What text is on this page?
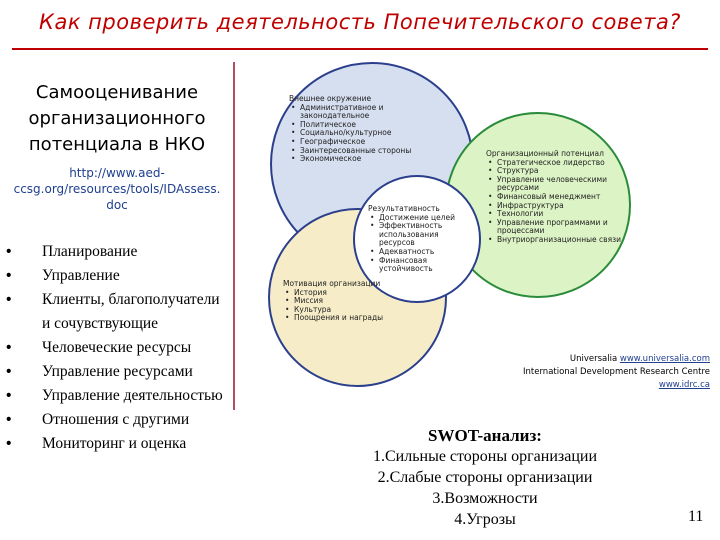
Как проверить деятельность Попечительского совета?
Самооценивание
организационного
потенциала в НКО
http://www.aed-
ccsg.org/resources/tools/IDAssess.
doc
• Планирование
• Управление
• Клиенты, благополучатели и сочувствующие
• Человеческие ресурсы
• Управление ресурсами
• Управление деятельностью
• Отношения с другими
• Мониторинг и оценка
Внешнее окружение
• Административное и законодательное
• Политическое
• Социально/культурное
• Географическое
• Заинтересованные стороны
• Экономическое
Организационный потенциал
• Стратегическое лидерство
• Структура
• Управление человеческими ресурсами
• Финансовый менеджмент
• Инфраструктура
• Технологии
• Управление программами и процессами
• Внутриорганизационные связи
Результативность
• Достижение целей
• Эффективность использования ресурсов
• Адекватность
• Финансовая устойчивость
Мотивация организации
• История
• Миссия
• Культура
• Поощрения и награды
Universalia www.universalia.com
International Development Research Centre www.idrc.ca
SWOT-анализ:
1.Сильные стороны организации
2.Слабые стороны организации
3.Возможности
4.Угрозы	11
